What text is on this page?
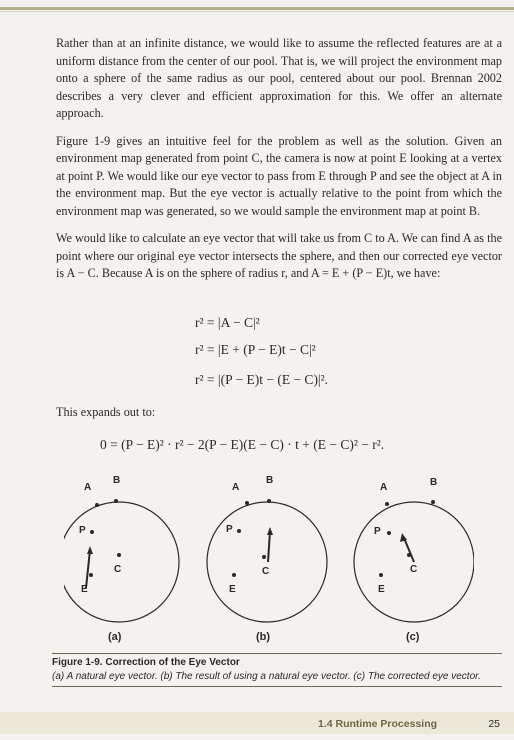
Rather than at an infinite distance, we would like to assume the reflected features are at a uniform distance from the center of our pool. That is, we will project the environment map onto a sphere of the same radius as our pool, centered about our pool. Brennan 2002 describes a very clever and efficient approximation for this. We offer an alternate approach.

Figure 1-9 gives an intuitive feel for the problem as well as the solution. Given an environment map generated from point C, the camera is now at point E looking at a vertex at point P. We would like our eye vector to pass from E through P and see the object at A in the environment map. But the eye vector is actually relative to the point from which the environment map was generated, so we would sample the environment map at point B.

We would like to calculate an eye vector that will take us from C to A. We can find A as the point where our original eye vector intersects the sphere, and then our corrected eye vector is A − C. Because A is on the sphere of radius r, and A = E + (P − E)t, we have:

r² = |A − C|²
r² = |E + (P − E)t − C|²
r² = |(P − E)t − (E − C)|².
This expands out to:
0 = (P − E)² · r² − 2(P − E)(E − C) · t + (E − C)² − r².
A
B
P
C
E
(a)
A
B
P
C
E
(b)
A	B
P
C
E
(c)
Figure 1-9. Correction of the Eye Vector
(a) A natural eye vector. (b) The result of using a natural eye vector. (c) The corrected eye vector.
1.4 Runtime Processing	25
